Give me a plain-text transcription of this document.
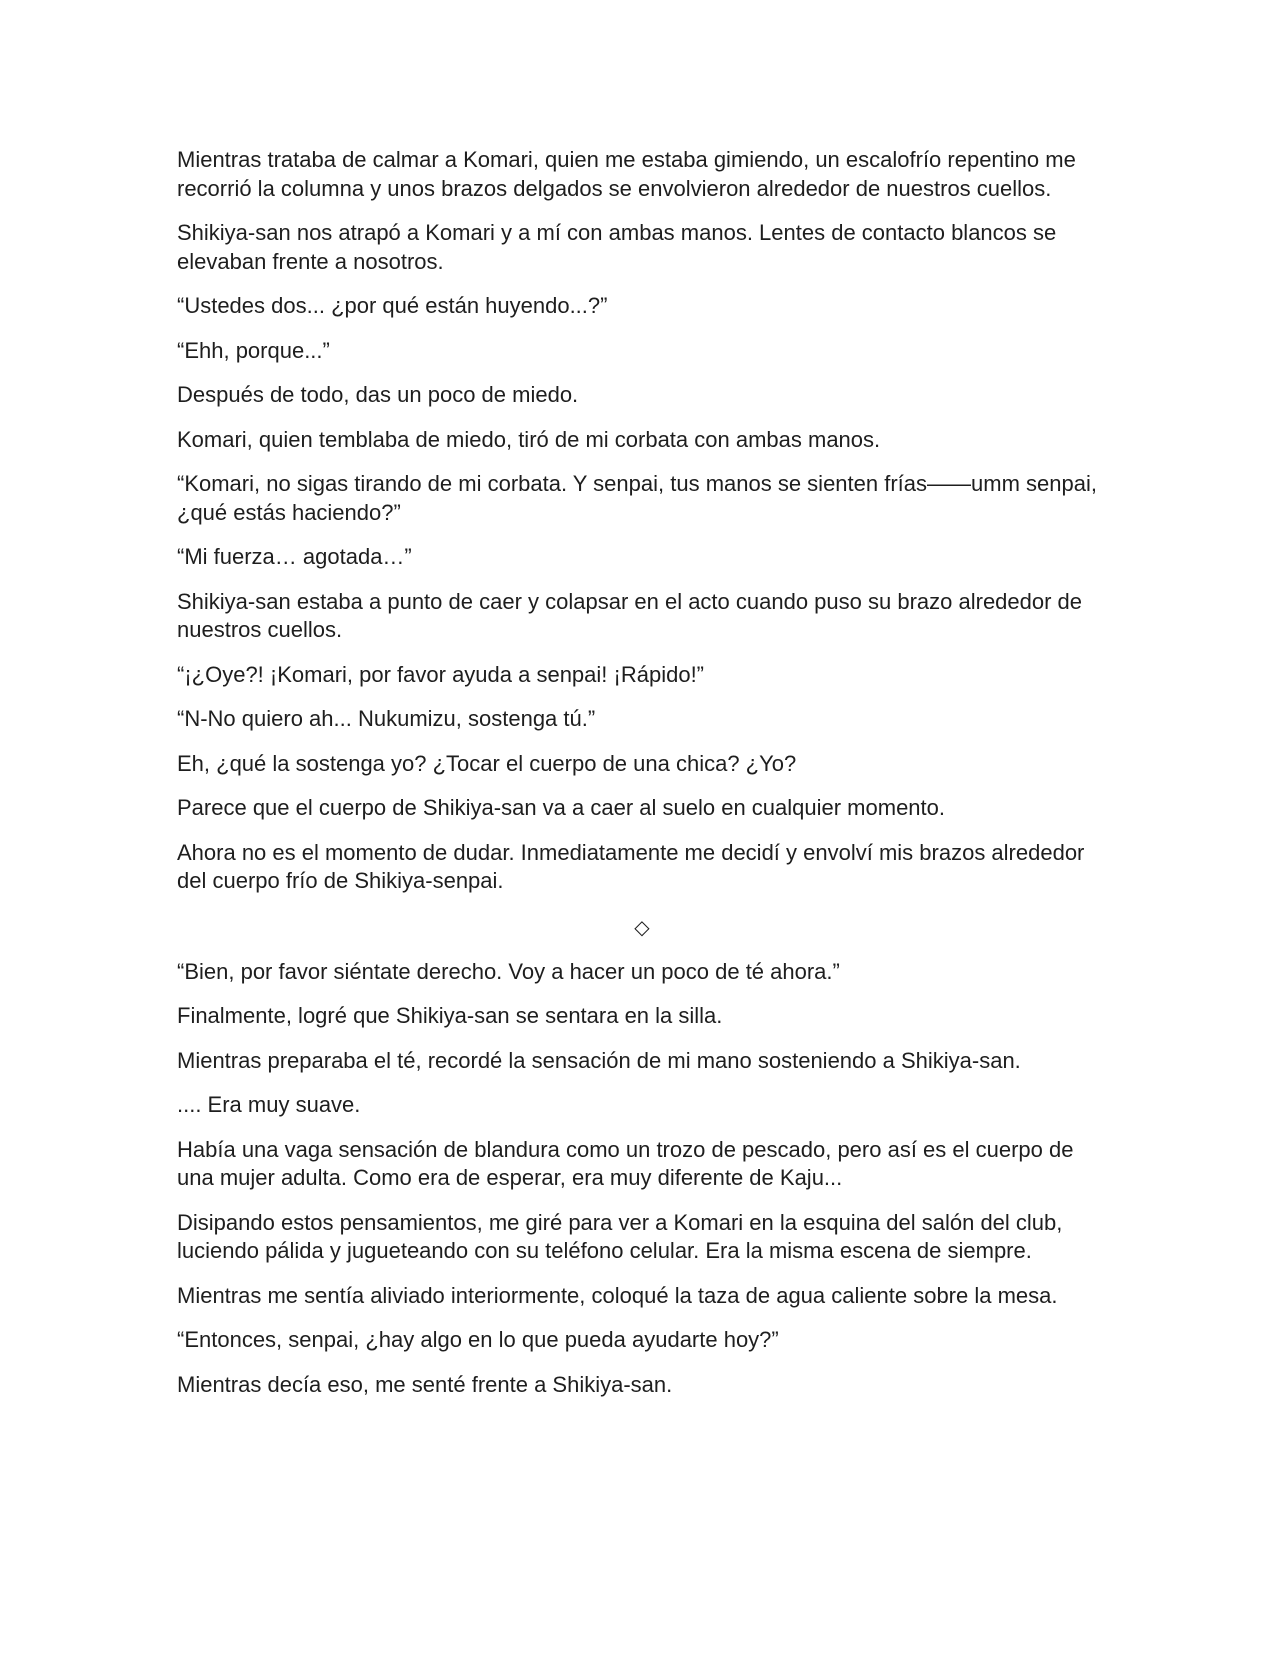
Mientras trataba de calmar a Komari, quien me estaba gimiendo, un escalofrío repentino me recorrió la columna y unos brazos delgados se envolvieron alrededor de nuestros cuellos.

Shikiya-san nos atrapó a Komari y a mí con ambas manos. Lentes de contacto blancos se elevaban frente a nosotros.

“Ustedes dos... ¿por qué están huyendo...?”

“Ehh, porque...”

Después de todo, das un poco de miedo.

Komari, quien temblaba de miedo, tiró de mi corbata con ambas manos.

“Komari, no sigas tirando de mi corbata. Y senpai, tus manos se sienten frías——umm senpai, ¿qué estás haciendo?”

“Mi fuerza… agotada…”

Shikiya-san estaba a punto de caer y colapsar en el acto cuando puso su brazo alrededor de nuestros cuellos.

“¡¿Oye?! ¡Komari, por favor ayuda a senpai! ¡Rápido!”

“N-No quiero ah... Nukumizu, sostenga tú.”

Eh, ¿qué la sostenga yo? ¿Tocar el cuerpo de una chica? ¿Yo?

Parece que el cuerpo de Shikiya-san va a caer al suelo en cualquier momento.

Ahora no es el momento de dudar. Inmediatamente me decidí y envolví mis brazos alrededor del cuerpo frío de Shikiya-senpai.

◇

“Bien, por favor siéntate derecho. Voy a hacer un poco de té ahora.”

Finalmente, logré que Shikiya-san se sentara en la silla.

Mientras preparaba el té, recordé la sensación de mi mano sosteniendo a Shikiya-san.

.... Era muy suave.

Había una vaga sensación de blandura como un trozo de pescado, pero así es el cuerpo de una mujer adulta. Como era de esperar, era muy diferente de Kaju...

Disipando estos pensamientos, me giré para ver a Komari en la esquina del salón del club, luciendo pálida y jugueteando con su teléfono celular. Era la misma escena de siempre.

Mientras me sentía aliviado interiormente, coloqué la taza de agua caliente sobre la mesa.

“Entonces, senpai, ¿hay algo en lo que pueda ayudarte hoy?”

Mientras decía eso, me senté frente a Shikiya-san.
